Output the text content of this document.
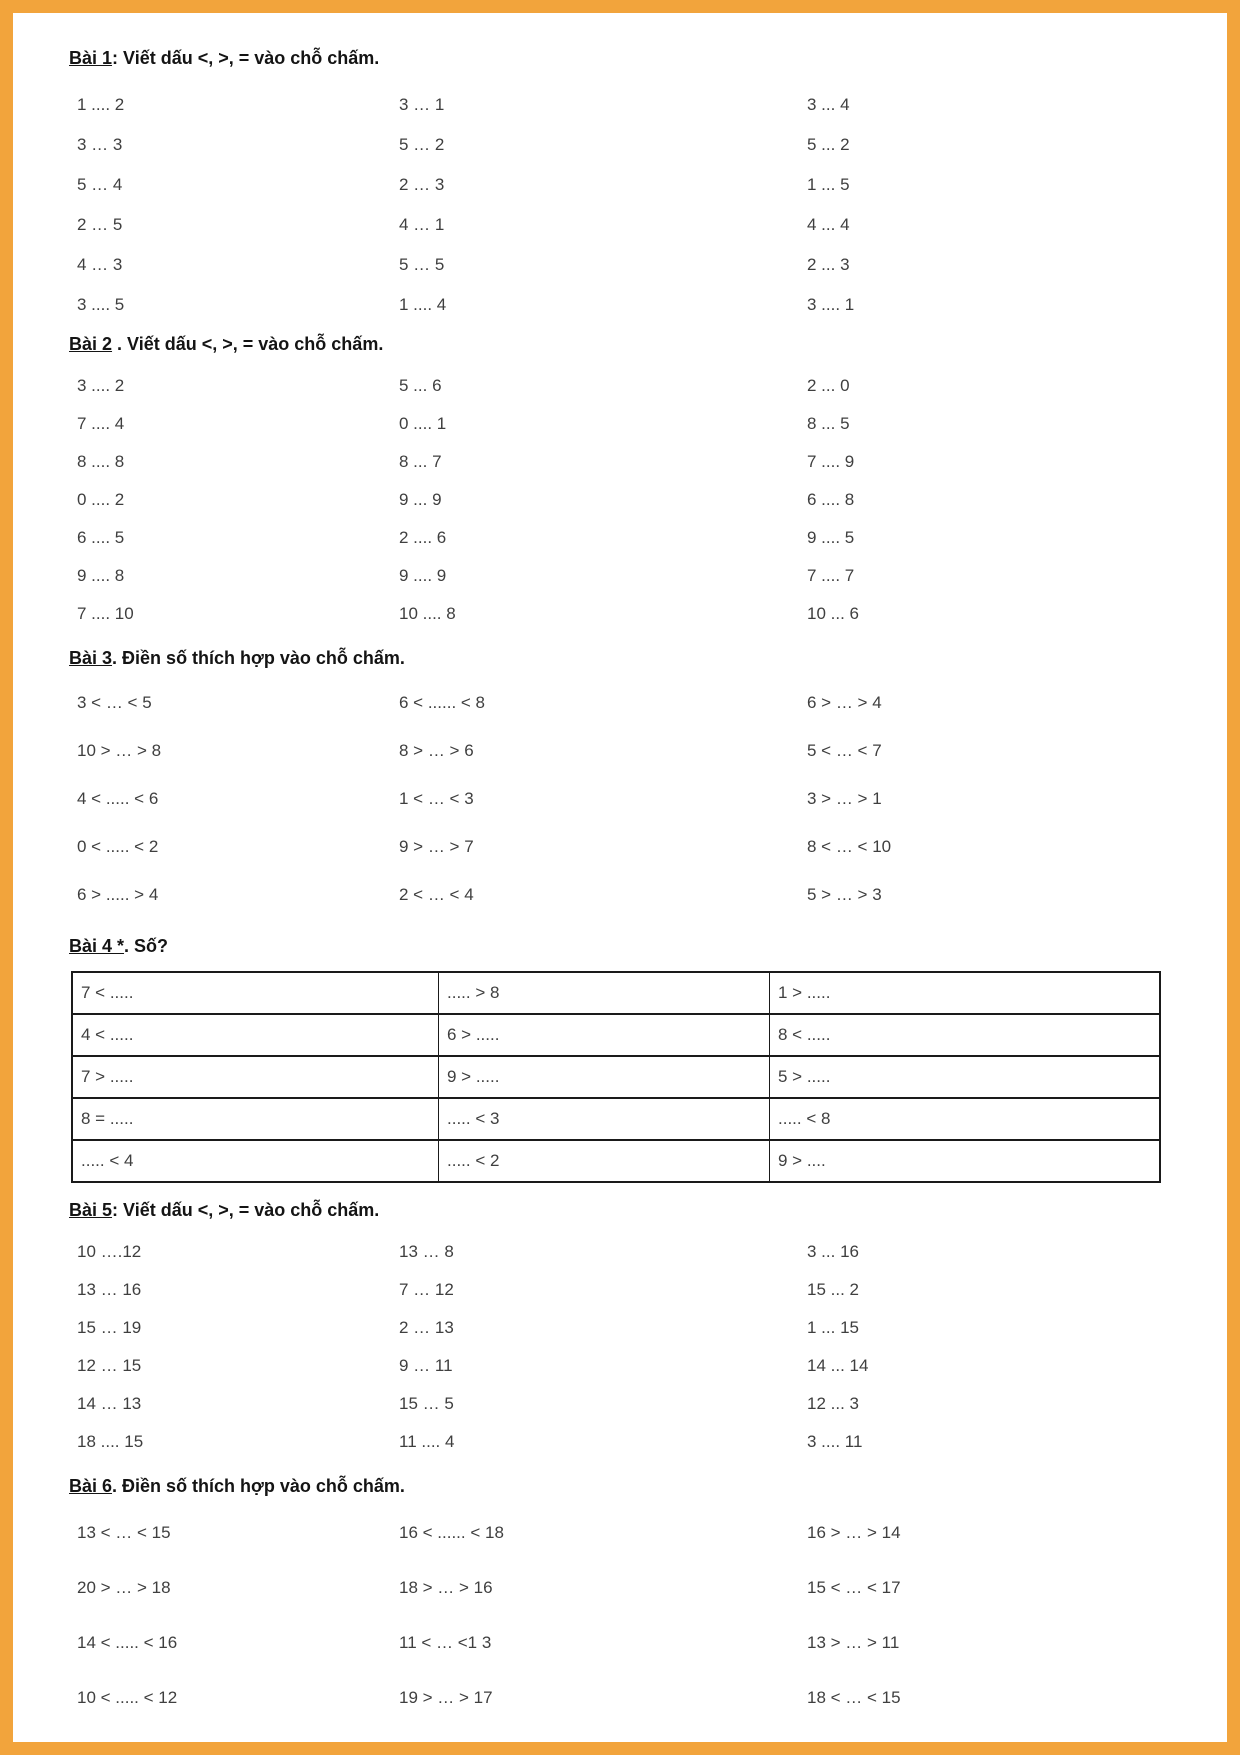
Bài 1: Viết dấu <, >, = vào chỗ chấm.
1 .... 2	3 … 1	3 ... 4
3 … 3	5 … 2	5 ... 2
5 … 4	2 … 3	1 ... 5
2 … 5	4 … 1	4 ... 4
4 … 3	5 … 5	2 ... 3
3 .... 5	1 .... 4	3 .... 1
Bài 2 . Viết dấu <, >, = vào chỗ chấm.
3 .... 2	5 ... 6	2 ... 0
7 .... 4	0 .... 1	8 ... 5
8 .... 8	8 ... 7	7 .... 9
0 .... 2	9 ... 9	6 .... 8
6 .... 5	2 .... 6	9 .... 5
9 .... 8	9 .... 9	7 .... 7
7 .... 10	10 .... 8	10 ... 6
Bài 3. Điền số thích hợp vào chỗ chấm.
3 < … < 5	6 < ...... < 8	6 > … > 4
10 > … > 8	8 > … > 6	5 < … < 7
4 < ..... < 6	1 < … < 3	3 > … > 1
0 < ..... < 2	9 > … > 7	8 < … < 10
6 > ..... > 4	2 < … < 4	5 > … > 3
Bài 4 *. Số?
7 < .....	..... > 8	1 > .....
4 < .....	6 > .....	8 < .....
7 > .....	9 > .....	5 > .....
8 = .....	..... < 3	..... < 8
..... < 4	..... < 2	9 > ....
Bài 5: Viết dấu <, >, = vào chỗ chấm.
10 ….12	13 … 8	3 ... 16
13 … 16	7 … 12	15 ... 2
15 … 19	2 … 13	1 ... 15
12 … 15	9 … 11	14 ... 14
14 … 13	15 … 5	12 ... 3
18 .... 15	11 .... 4	3 .... 11
Bài 6. Điền số thích hợp vào chỗ chấm.
13 < … < 15	16 < ...... < 18	16 > … > 14
20 > … > 18	18 > … > 16	15 < … < 17
14 < ..... < 16	11 < … <1 3	13 > … > 11
10 < ..... < 12	19 > … > 17	18 < … < 15
